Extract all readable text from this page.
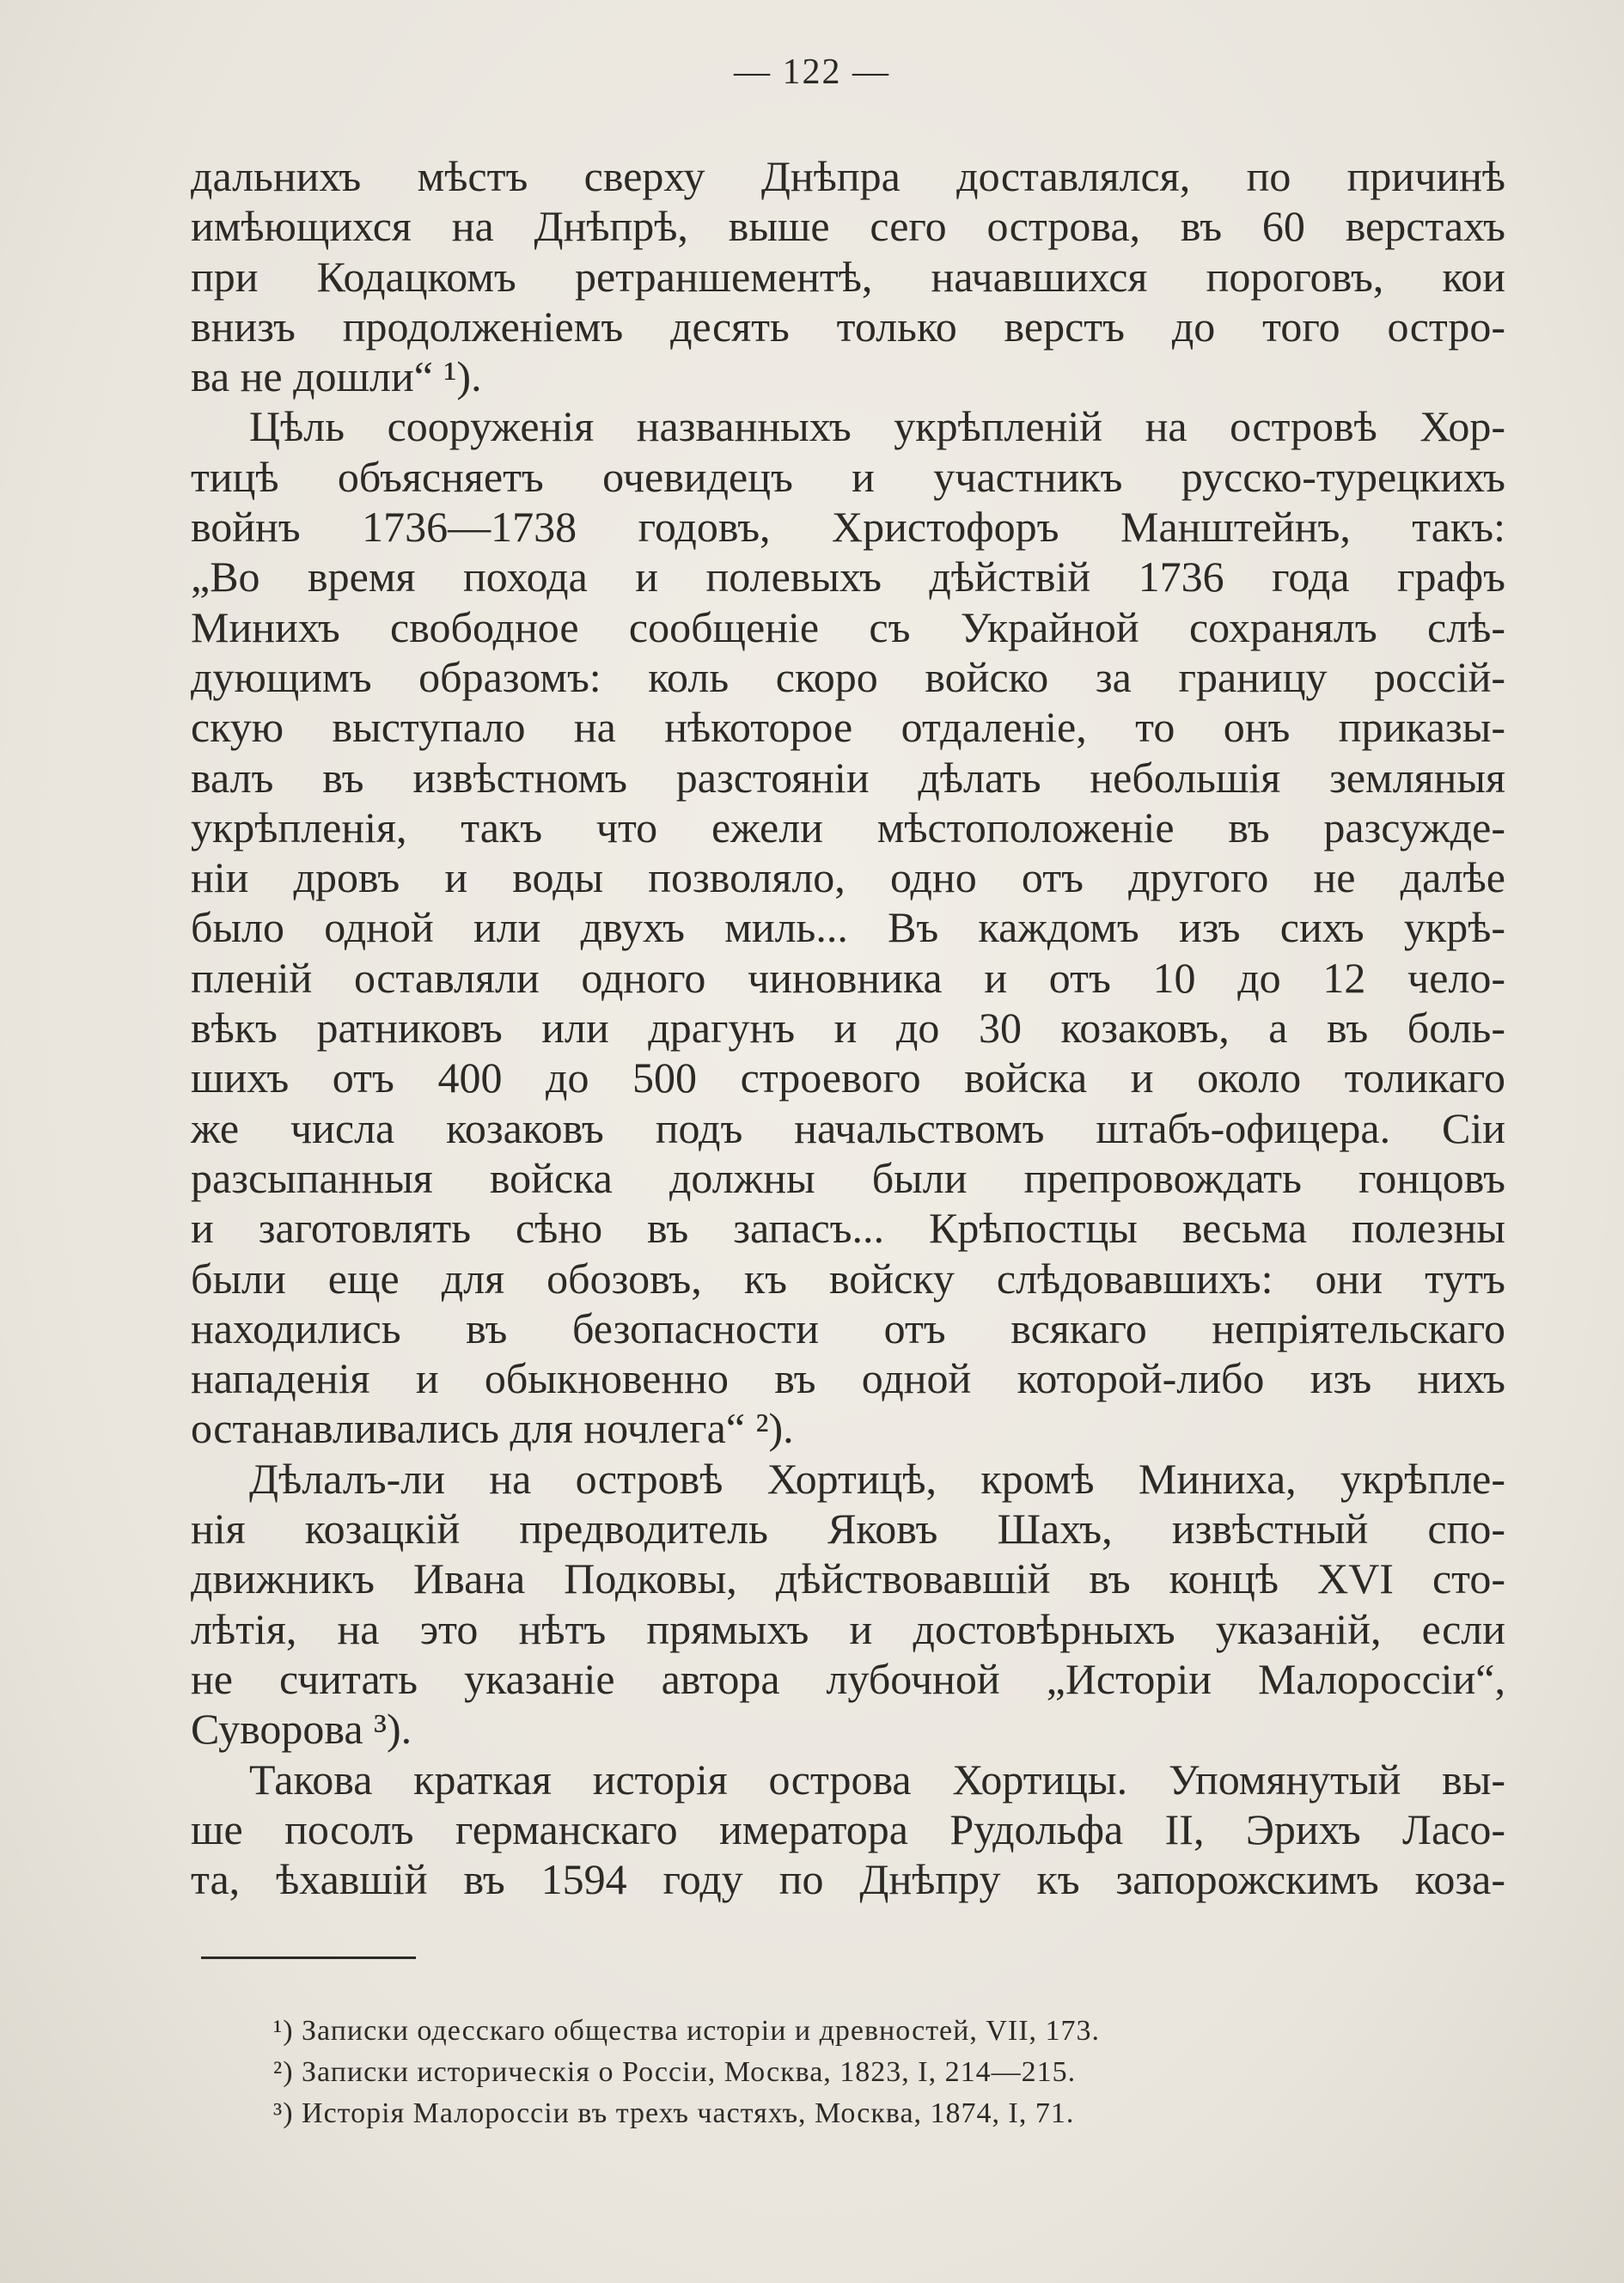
— 122 —

дальнихъ мѣстъ сверху Днѣпра доставлялся, по причинѣ
имѣющихся на Днѣпрѣ, выше сего острова, въ 60 верстахъ
при Кодацкомъ ретраншементѣ, начавшихся пороговъ, кои
внизъ продолженіемъ десять только верстъ до того остро-
ва не дошли“ ¹).

Цѣль сооруженія названныхъ укрѣпленій на островѣ Хор-
тицѣ объясняетъ очевидецъ и участникъ русско-турецкихъ
войнъ 1736—1738 годовъ, Христофоръ Манштейнъ, такъ:
„Во время похода и полевыхъ дѣйствій 1736 года графъ
Минихъ свободное сообщеніе съ Украйной сохранялъ слѣ-
дующимъ образомъ: коль скоро войско за границу россій-
скую выступало на нѣкоторое отдаленіе, то онъ приказы-
валъ въ извѣстномъ разстояніи дѣлать небольшія земляныя
укрѣпленія, такъ что ежели мѣстоположеніе въ разсужде-
ніи дровъ и воды позволяло, одно отъ другого не далѣе
было одной или двухъ миль... Въ каждомъ изъ сихъ укрѣ-
пленій оставляли одного чиновника и отъ 10 до 12 чело-
вѣкъ ратниковъ или драгунъ и до 30 козаковъ, а въ боль-
шихъ отъ 400 до 500 строевого войска и около толикаго
же числа козаковъ подъ начальствомъ штабъ-офицера. Сіи
разсыпанныя войска должны были препровождать гонцовъ
и заготовлять сѣно въ запасъ... Крѣпостцы весьма полезны
были еще для обозовъ, къ войску слѣдовавшихъ: они тутъ
находились въ безопасности отъ всякаго непріятельскаго
нападенія и обыкновенно въ одной которой-либо изъ нихъ
останавливались для ночлега“ ²).

Дѣлалъ-ли на островѣ Хортицѣ, кромѣ Миниха, укрѣпле-
нія козацкій предводитель Яковъ Шахъ, извѣстный спо-
движникъ Ивана Подковы, дѣйствовавшій въ концѣ XVI сто-
лѣтія, на это нѣтъ прямыхъ и достовѣрныхъ указаній, если
не считать указаніе автора лубочной „Исторіи Малороссіи“,
Суворова ³).

Такова краткая исторія острова Хортицы. Упомянутый вы-
ше посолъ германскаго имератора Рудольфа II, Эрихъ Ласо-
та, ѣхавшій въ 1594 году по Днѣпру къ запорожскимъ коза-

¹) Записки одесскаго общества исторіи и древностей, VII, 173.
²) Записки историческія о Россіи, Москва, 1823, I, 214—215.
³) Исторія Малороссіи въ трехъ частяхъ, Москва, 1874, I, 71.
